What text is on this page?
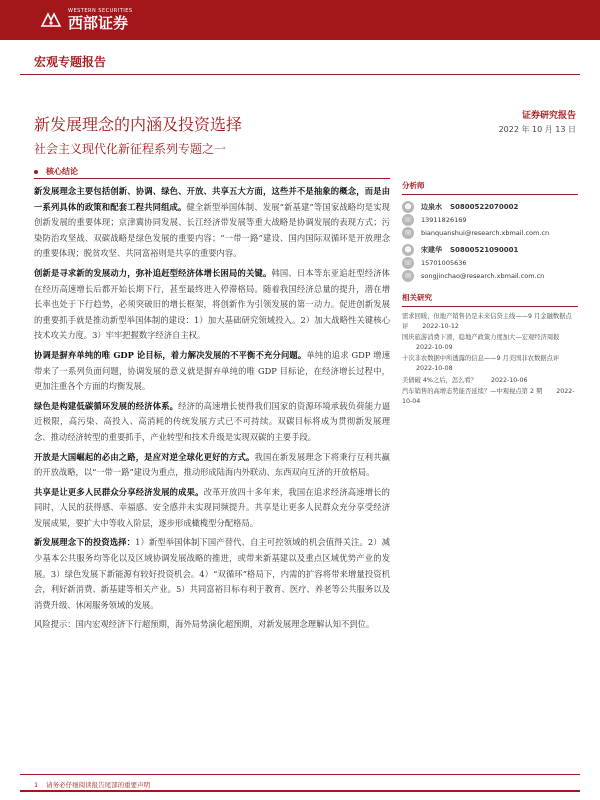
WESTERN SECURITIES
西部证券
宏观专题报告
新发展理念的内涵及投资选择
社会主义现代化新征程系列专题之一
证券研究报告
2022 年 10 月 13 日
核心结论

新发展理念主要包括创新、协调、绿色、开放、共享五大方面，这些并不是抽象的概念，而是由一系列具体的政策和配套工程共同组成。健全新型举国体制、发展“新基建”等国家战略均是实现创新发展的重要体现；京津冀协同发展、长江经济带发展等重大战略是协调发展的表现方式；污染防治攻坚战、双碳战略是绿色发展的重要内容；“一带一路”建设、国内国际双循环是开放理念的重要体现；脱贫攻坚、共同富裕则是共享的重要内容。

创新是寻求新的发展动力，弥补追赶型经济体增长困局的关键。韩国、日本等东亚追赶型经济体在经历高速增长后都开始长期下行，甚至最终进入停滞格局。随着我国经济总量的提升，潜在增长率也处于下行趋势，必须突破旧的增长框架，将创新作为引领发展的第一动力。促进创新发展的重要抓手就是推动新型举国体制的建设：1）加大基础研究领域投入。2）加大战略性关键核心技术攻关力度。3）牢牢把握数字经济自主权。

协调是摒弃单纯的唯 GDP 论目标，着力解决发展的不平衡不充分问题。单纯的追求 GDP 增速带来了一系列负面问题，协调发展的意义就是摒弃单纯的唯 GDP 目标论，在经济增长过程中，更加注重各个方面的均衡发展。

绿色是构建低碳循环发展的经济体系。经济的高速增长使得我们国家的资源环境承载负荷能力逼近极限，高污染、高投入、高消耗的传统发展方式已不可持续。双碳目标将成为贯彻新发展理念、推动经济转型的重要抓手，产业转型和技术升级是实现双碳的主要手段。

开放是大国崛起的必由之路，是应对逆全球化更好的方式。我国在新发展理念下将秉行互利共赢的开放战略，以“一带一路”建设为重点，推动形成陆海内外联动、东西双向互济的开放格局。

共享是让更多人民群众分享经济发展的成果。改革开放四十多年来，我国在追求经济高速增长的同时，人民的获得感、幸福感、安全感并未实现同频提升。共享是让更多人民群众充分享受经济发展成果，要扩大中等收入阶层，逐步形成橄榄型分配格局。

新发展理念下的投资选择：1）新型举国体制下国产替代、自主可控领域的机会值得关注。2）减少基本公共服务均等化以及区域协调发展战略的推进，或带来新基建以及重点区域优势产业的发展。3）绿色发展下新能源有较好投资机会。4）“双循环”格局下，内需的扩容将带来增量投资机会，利好新消费、新基建等相关产业。5）共同富裕目标有利于教育、医疗、养老等公共服务以及消费升级、休闲服务领域的发展。

风险提示：国内宏观经济下行超预期，海外局势演化超预期，对新发展理念理解认知不到位。

分析师
☻	边泉水 S0800522070002
☏ 13911826169
✉	bianquanshui@research.xbmail.com.cn
☻	宋建华 S0800521090001
☏ 15701005636
✉	songjinchao@research.xbmail.com.cn
相关研究
需求回暖，但地产销售仍是未来信贷主线——9 月金融数据点评 2022-10-12
国庆旅游消费下滑，稳地产政策力度加大—宏观经济周报2022-10-09
十次非农数据中所透露的信息——9 月美国非农数据点评2022-10-08
美债破 4%之后，怎么看？ 2022-10-06
汽车销售的高增态势能否延续？—中观视点第 2 期 2022-10-04
1 请务必仔细阅读报告尾部的重要声明
